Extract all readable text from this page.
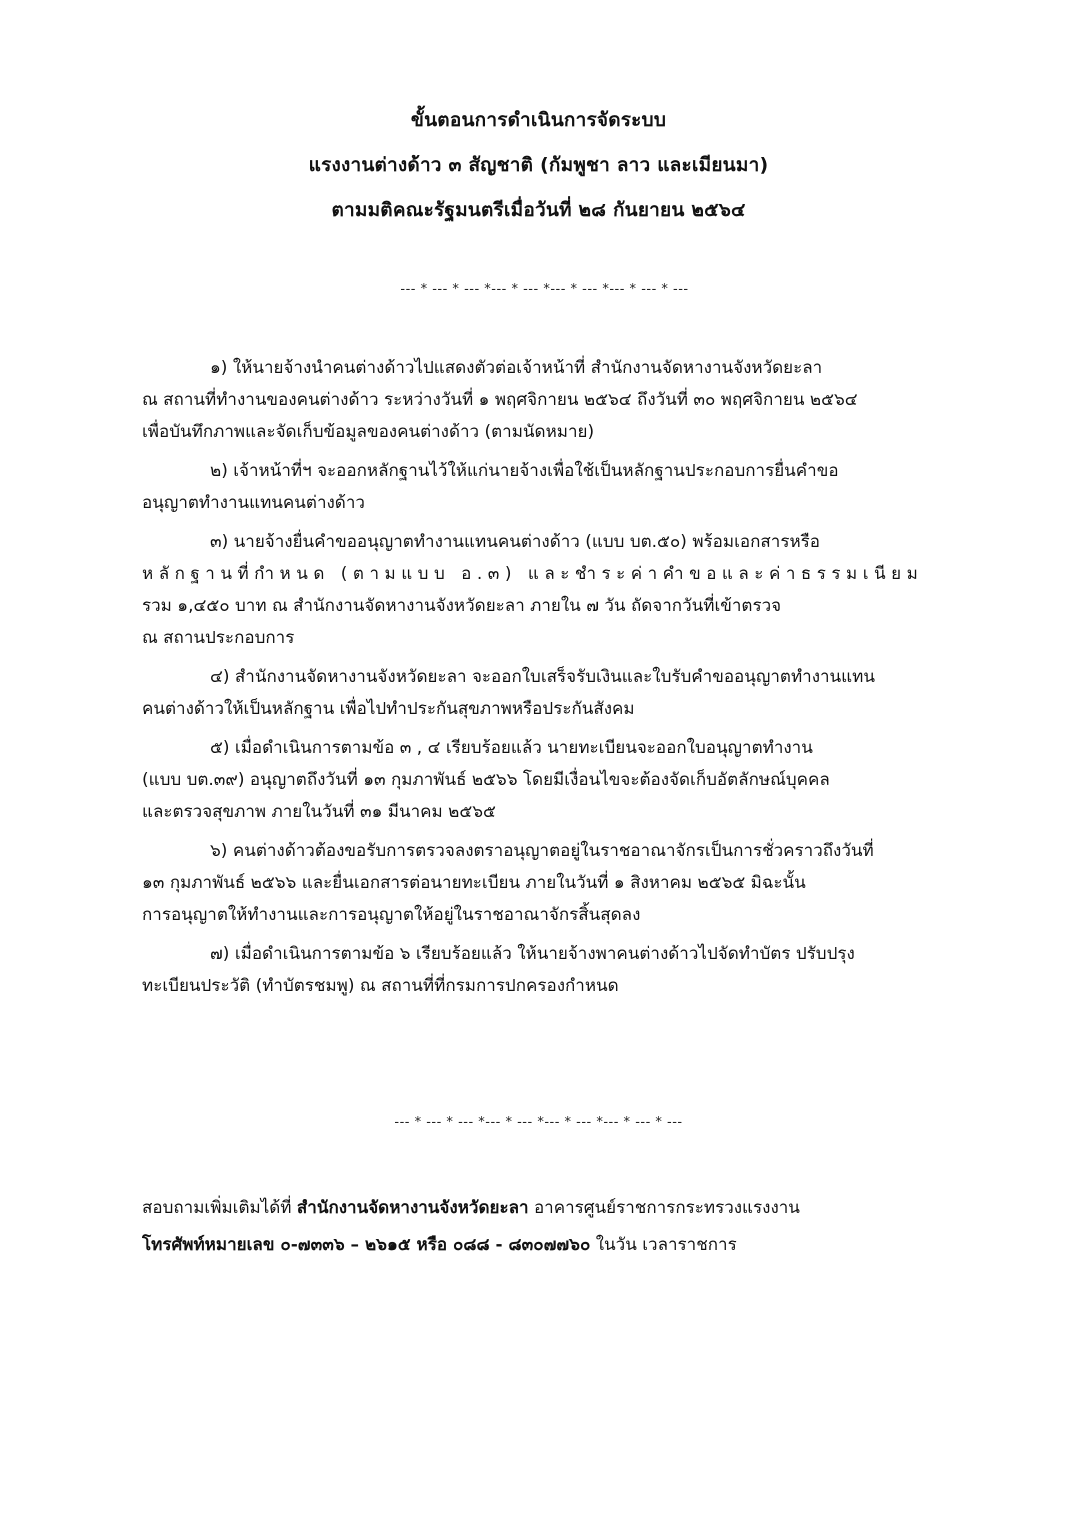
ขั้นตอนการดำเนินการจัดระบบ
แรงงานต่างด้าว ๓ สัญชาติ (กัมพูชา ลาว และเมียนมา)
ตามมติคณะรัฐมนตรีเมื่อวันที่ ๒๘ กันยายน ๒๕๖๔
--- * --- * --- *--- * --- *--- * --- *--- * --- * ---
๑) ให้นายจ้างนำคนต่างด้าวไปแสดงตัวต่อเจ้าหน้าที่ สำนักงานจัดหางานจังหวัดยะลา
ณ สถานที่ทำงานของคนต่างด้าว ระหว่างวันที่ ๑ พฤศจิกายน ๒๕๖๔ ถึงวันที่ ๓๐ พฤศจิกายน ๒๕๖๔
เพื่อบันทึกภาพและจัดเก็บข้อมูลของคนต่างด้าว (ตามนัดหมาย)
๒) เจ้าหน้าที่ฯ จะออกหลักฐานไว้ให้แก่นายจ้างเพื่อใช้เป็นหลักฐานประกอบการยื่นคำขอ
อนุญาตทำงานแทนคนต่างด้าว
๓) นายจ้างยื่นคำขออนุญาตทำงานแทนคนต่างด้าว (แบบ บต.๕๐) พร้อมเอกสารหรือ
หลักฐานที่กำหนด (ตามแบบ อ.๓) และชำระค่าคำขอและค่าธรรมเนียม
รวม ๑,๔๕๐ บาท ณ สำนักงานจัดหางานจังหวัดยะลา ภายใน ๗ วัน ถัดจากวันที่เข้าตรวจ
ณ สถานประกอบการ
๔) สำนักงานจัดหางานจังหวัดยะลา จะออกใบเสร็จรับเงินและใบรับคำขออนุญาตทำงานแทน
คนต่างด้าวให้เป็นหลักฐาน เพื่อไปทำประกันสุขภาพหรือประกันสังคม
๕) เมื่อดำเนินการตามข้อ ๓ , ๔ เรียบร้อยแล้ว นายทะเบียนจะออกใบอนุญาตทำงาน
(แบบ บต.๓๙) อนุญาตถึงวันที่ ๑๓ กุมภาพันธ์ ๒๕๖๖ โดยมีเงื่อนไขจะต้องจัดเก็บอัตลักษณ์บุคคล
และตรวจสุขภาพ ภายในวันที่ ๓๑ มีนาคม ๒๕๖๕
๖) คนต่างด้าวต้องขอรับการตรวจลงตราอนุญาตอยู่ในราชอาณาจักรเป็นการชั่วคราวถึงวันที่
๑๓ กุมภาพันธ์ ๒๕๖๖ และยื่นเอกสารต่อนายทะเบียน ภายในวันที่ ๑ สิงหาคม ๒๕๖๕ มิฉะนั้น
การอนุญาตให้ทำงานและการอนุญาตให้อยู่ในราชอาณาจักรสิ้นสุดลง
๗) เมื่อดำเนินการตามข้อ ๖ เรียบร้อยแล้ว ให้นายจ้างพาคนต่างด้าวไปจัดทำบัตร ปรับปรุง
ทะเบียนประวัติ (ทำบัตรชมพู) ณ สถานที่ที่กรมการปกครองกำหนด
--- * --- * --- *--- * --- *--- * --- *--- * --- * ---
สอบถามเพิ่มเติมได้ที่ สำนักงานจัดหางานจังหวัดยะลา อาคารศูนย์ราชการกระทรวงแรงงาน
โทรศัพท์หมายเลข ๐-๗๓๓๖ – ๒๖๑๕ หรือ ๐๘๘ - ๘๓๐๗๗๖๐ ในวัน เวลาราชการ
